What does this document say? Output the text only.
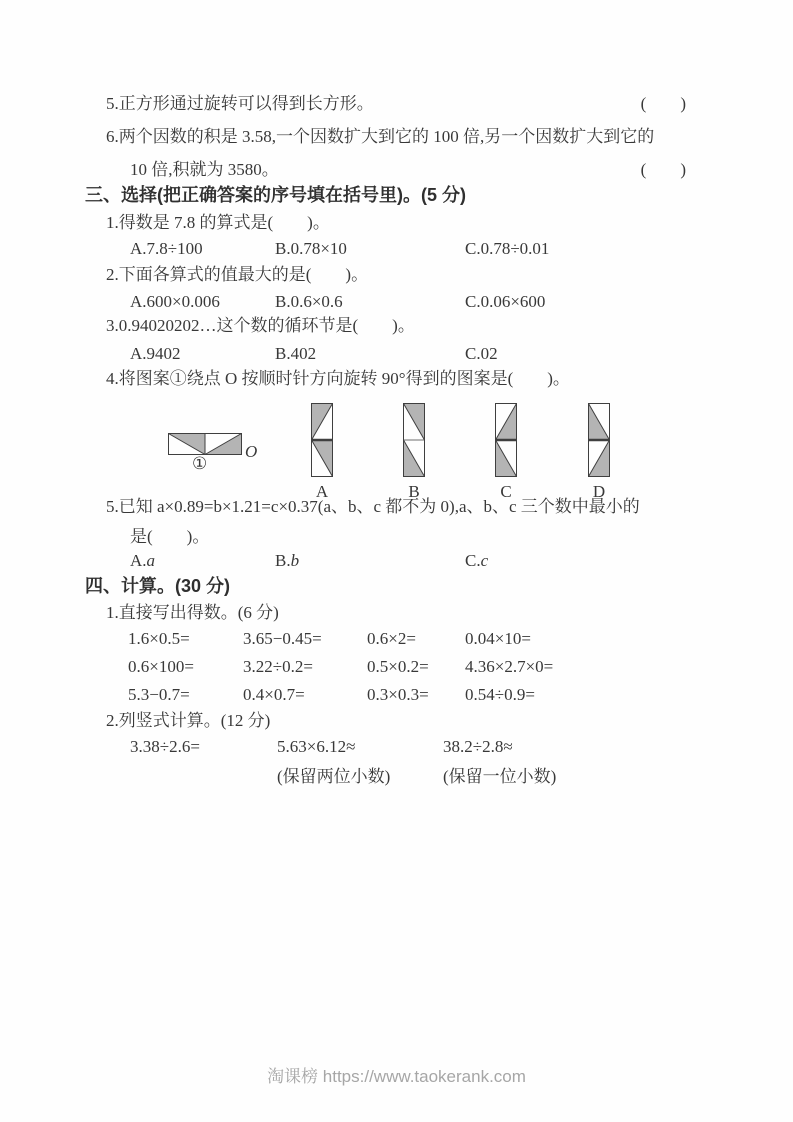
5.正方形通过旋转可以得到长方形。	(　　)
6.两个因数的积是 3.58,一个因数扩大到它的 100 倍,另一个因数扩大到它的
10 倍,积就为 3580。	(　　)
三、选择(把正确答案的序号填在括号里)。(5 分)
1.得数是 7.8 的算式是(　　)。
A.7.8÷100	B.0.78×10	C.0.78÷0.01
2.下面各算式的值最大的是(　　)。
A.600×0.006	B.0.6×0.6	C.0.06×600
3.0.94020202…这个数的循环节是(　　)。
A.9402	B.402	C.02
4.将图案①绕点 O 按顺时针方向旋转 90°得到的图案是(　　)。
①
O
A	B	C	D
5.已知 a×0.89=b×1.21=c×0.37(a、b、c 都不为 0),a、b、c 三个数中最小的
是(　　)。
A.a	B.b	C.c
四、计算。(30 分)
1.直接写出得数。(6 分)
1.6×0.5=	3.65−0.45=	0.6×2=	0.04×10=
0.6×100=	3.22÷0.2=	0.5×0.2=	4.36×2.7×0=
5.3−0.7=	0.4×0.7=	0.3×0.3=	0.54÷0.9=
2.列竖式计算。(12 分)
3.38÷2.6=	5.63×6.12≈
(保留两位小数)
38.2÷2.8≈
(保留一位小数)
淘课榜 https://www.taokerank.com
